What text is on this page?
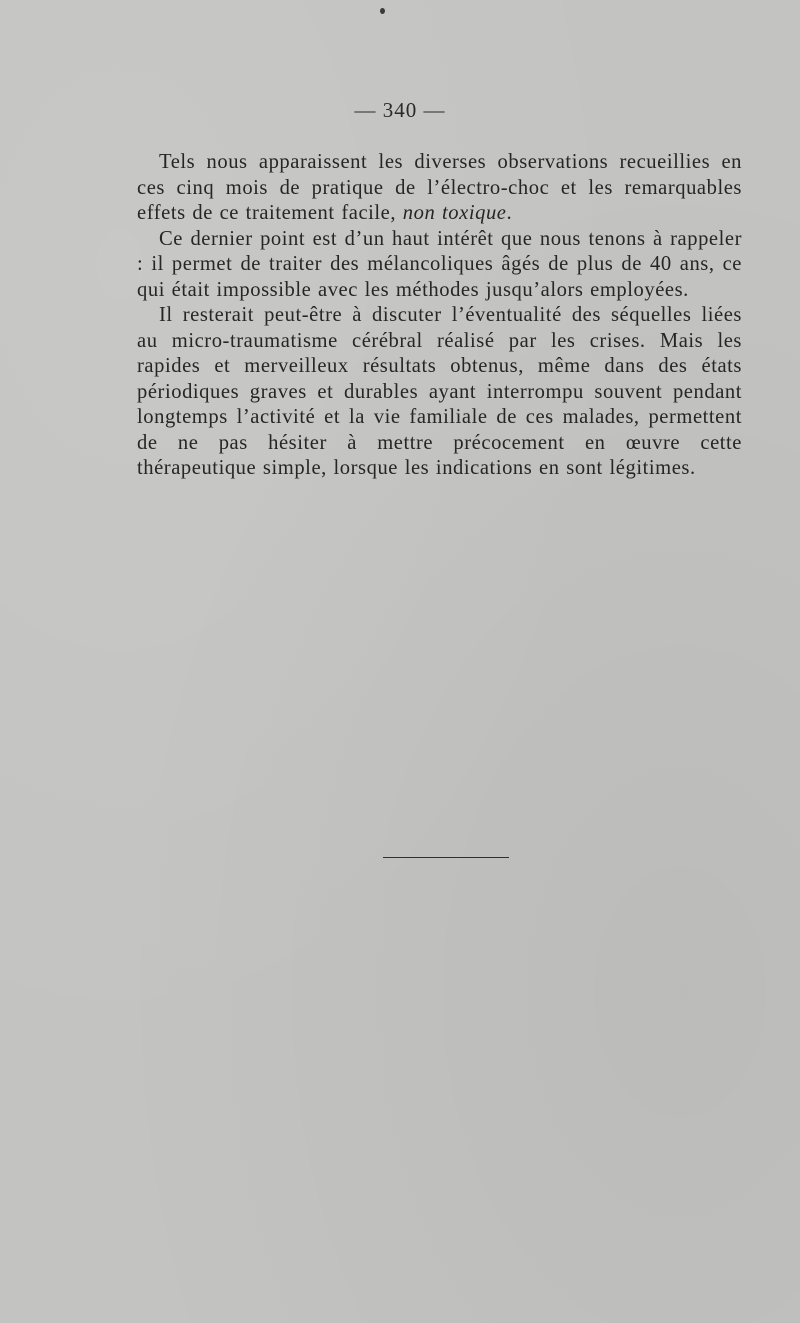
— 340 —

Tels nous apparaissent les diverses observations recueillies en ces cinq mois de pratique de l’électro-choc et les remarquables effets de ce traitement facile, non toxique.

Ce dernier point est d’un haut intérêt que nous tenons à rappeler : il permet de traiter des mélancoliques âgés de plus de 40 ans, ce qui était impossible avec les méthodes jusqu’alors employées.

Il resterait peut-être à discuter l’éventualité des séquelles liées au micro-traumatisme cérébral réalisé par les crises. Mais les rapides et merveilleux résultats obtenus, même dans des états périodiques graves et durables ayant interrompu souvent pendant longtemps l’activité et la vie familiale de ces malades, permettent de ne pas hésiter à mettre précocement en œuvre cette thérapeutique simple, lorsque les indications en sont légitimes.
